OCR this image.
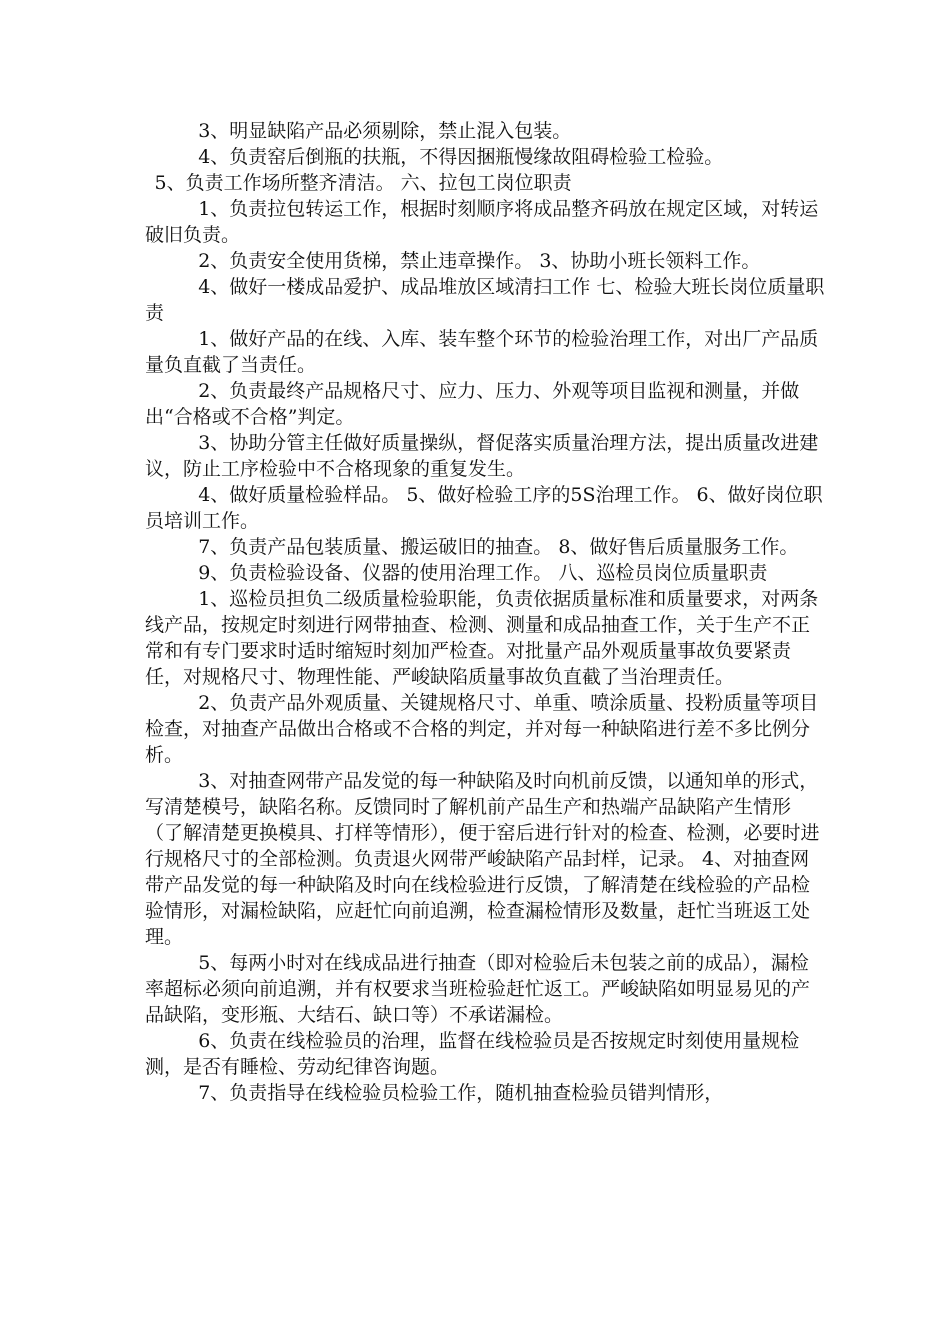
3、明显缺陷产品必须剔除，禁止混入包装。

4、负责窑后倒瓶的扶瓶，不得因捆瓶慢缘故阻碍检验工检验。

5、负责工作场所整齐清洁。 六、拉包工岗位职责

1、负责拉包转运工作，根据时刻顺序将成品整齐码放在规定区域，对转运破旧负责。

2、负责安全使用货梯，禁止违章操作。 3、协助小班长领料工作。

4、做好一楼成品爱护、成品堆放区域清扫工作 七、检验大班长岗位质量职责

1、做好产品的在线、入库、装车整个环节的检验治理工作，对出厂产品质量负直截了当责任。

2、负责最终产品规格尺寸、应力、压力、外观等项目监视和测量，并做出“合格或不合格”判定。

3、协助分管主任做好质量操纵，督促落实质量治理方法，提出质量改进建议，防止工序检验中不合格现象的重复发生。

4、做好质量检验样品。 5、做好检验工序的5S治理工作。 6、做好岗位职员培训工作。

7、负责产品包装质量、搬运破旧的抽查。 8、做好售后质量服务工作。

9、负责检验设备、仪器的使用治理工作。 八、巡检员岗位质量职责

1、巡检员担负二级质量检验职能，负责依据质量标准和质量要求，对两条线产品，按规定时刻进行网带抽查、检测、测量和成品抽查工作，关于生产不正常和有专门要求时适时缩短时刻加严检查。对批量产品外观质量事故负要紧责任，对规格尺寸、物理性能、严峻缺陷质量事故负直截了当治理责任。

2、负责产品外观质量、关键规格尺寸、单重、喷涂质量、投粉质量等项目检查，对抽查产品做出合格或不合格的判定，并对每一种缺陷进行差不多比例分析。

3、对抽查网带产品发觉的每一种缺陷及时向机前反馈，以通知单的形式，写清楚模号，缺陷名称。反馈同时了解机前产品生产和热端产品缺陷产生情形（了解清楚更换模具、打样等情形），便于窑后进行针对的检查、检测，必要时进行规格尺寸的全部检测。负责退火网带严峻缺陷产品封样，记录。 4、对抽查网带产品发觉的每一种缺陷及时向在线检验进行反馈，了解清楚在线检验的产品检验情形，对漏检缺陷，应赶忙向前追溯，检查漏检情形及数量，赶忙当班返工处理。

5、每两小时对在线成品进行抽查（即对检验后未包装之前的成品），漏检率超标必须向前追溯，并有权要求当班检验赶忙返工。严峻缺陷如明显易见的产品缺陷，变形瓶、大结石、缺口等）不承诺漏检。

6、负责在线检验员的治理，监督在线检验员是否按规定时刻使用量规检测，是否有睡检、劳动纪律咨询题。

7、负责指导在线检验员检验工作，随机抽查检验员错判情形，
